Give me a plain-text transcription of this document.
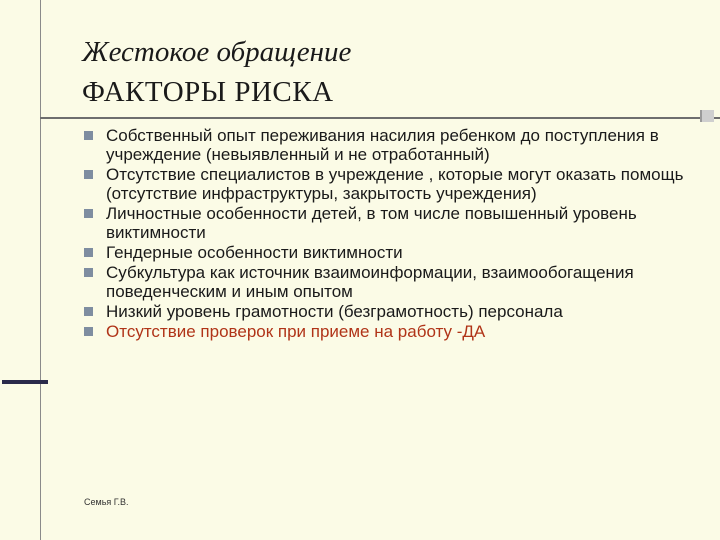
Жестокое обращение
ФАКТОРЫ РИСКА
Собственный опыт переживания насилия ребенком до поступления в учреждение (невыявленный и не отработанный)
Отсутствие специалистов в учреждение , которые могут оказать помощь (отсутствие инфраструктуры, закрытость учреждения)
Личностные особенности детей, в том числе повышенный уровень виктимности
Гендерные особенности виктимности
Субкультура как источник взаимоинформации, взаимообогащения поведенческим и иным опытом
Низкий уровень грамотности (безграмотность) персонала
Отсутствие проверок при приеме на работу -ДА
Семья Г.В.
